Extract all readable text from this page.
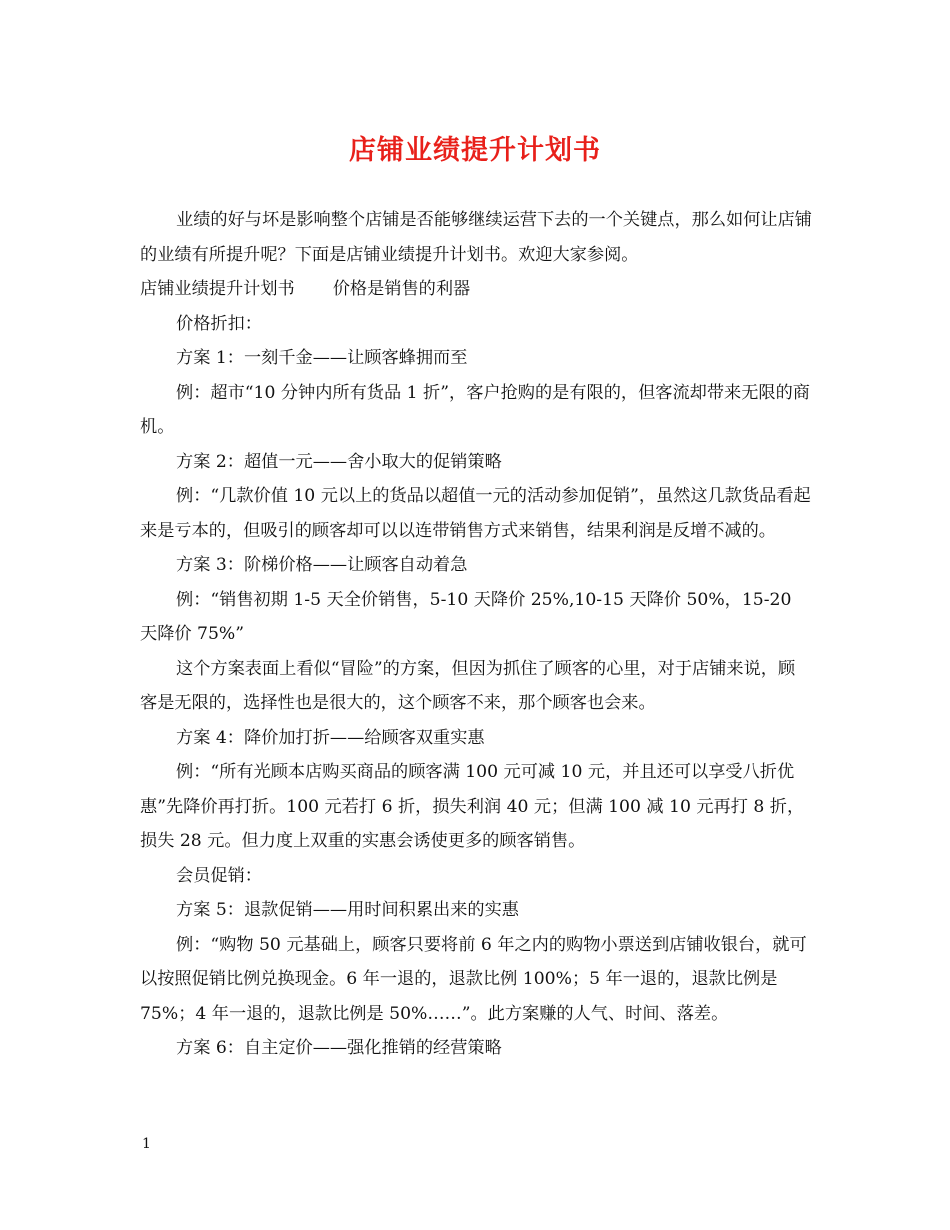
店铺业绩提升计划书

业绩的好与坏是影响整个店铺是否能够继续运营下去的一个关键点，那么如何让店铺的业绩有所提升呢？下面是店铺业绩提升计划书。欢迎大家参阅。

店铺业绩提升计划书 价格是销售的利器

价格折扣：

方案 1：一刻千金——让顾客蜂拥而至

例：超市“10 分钟内所有货品 1 折”，客户抢购的是有限的，但客流却带来无限的商机。

方案 2：超值一元——舍小取大的促销策略

例：“几款价值 10 元以上的货品以超值一元的活动参加促销”，虽然这几款货品看起来是亏本的，但吸引的顾客却可以以连带销售方式来销售，结果利润是反增不减的。

方案 3：阶梯价格——让顾客自动着急

例：“销售初期 1-5 天全价销售，5-10 天降价 25%,10-15 天降价 50%，15-20 天降价 75%”

这个方案表面上看似“冒险”的方案，但因为抓住了顾客的心里，对于店铺来说，顾客是无限的，选择性也是很大的，这个顾客不来，那个顾客也会来。

方案 4：降价加打折——给顾客双重实惠

例：“所有光顾本店购买商品的顾客满 100 元可减 10 元，并且还可以享受八折优惠”先降价再打折。100 元若打 6 折，损失利润 40 元；但满 100 减 10 元再打 8 折，损失 28 元。但力度上双重的实惠会诱使更多的顾客销售。

会员促销：

方案 5：退款促销——用时间积累出来的实惠

例：“购物 50 元基础上，顾客只要将前 6 年之内的购物小票送到店铺收银台，就可以按照促销比例兑换现金。6 年一退的，退款比例 100%；5 年一退的，退款比例是 75%；4 年一退的，退款比例是 50%……”。此方案赚的人气、时间、落差。

方案 6：自主定价——强化推销的经营策略

1
